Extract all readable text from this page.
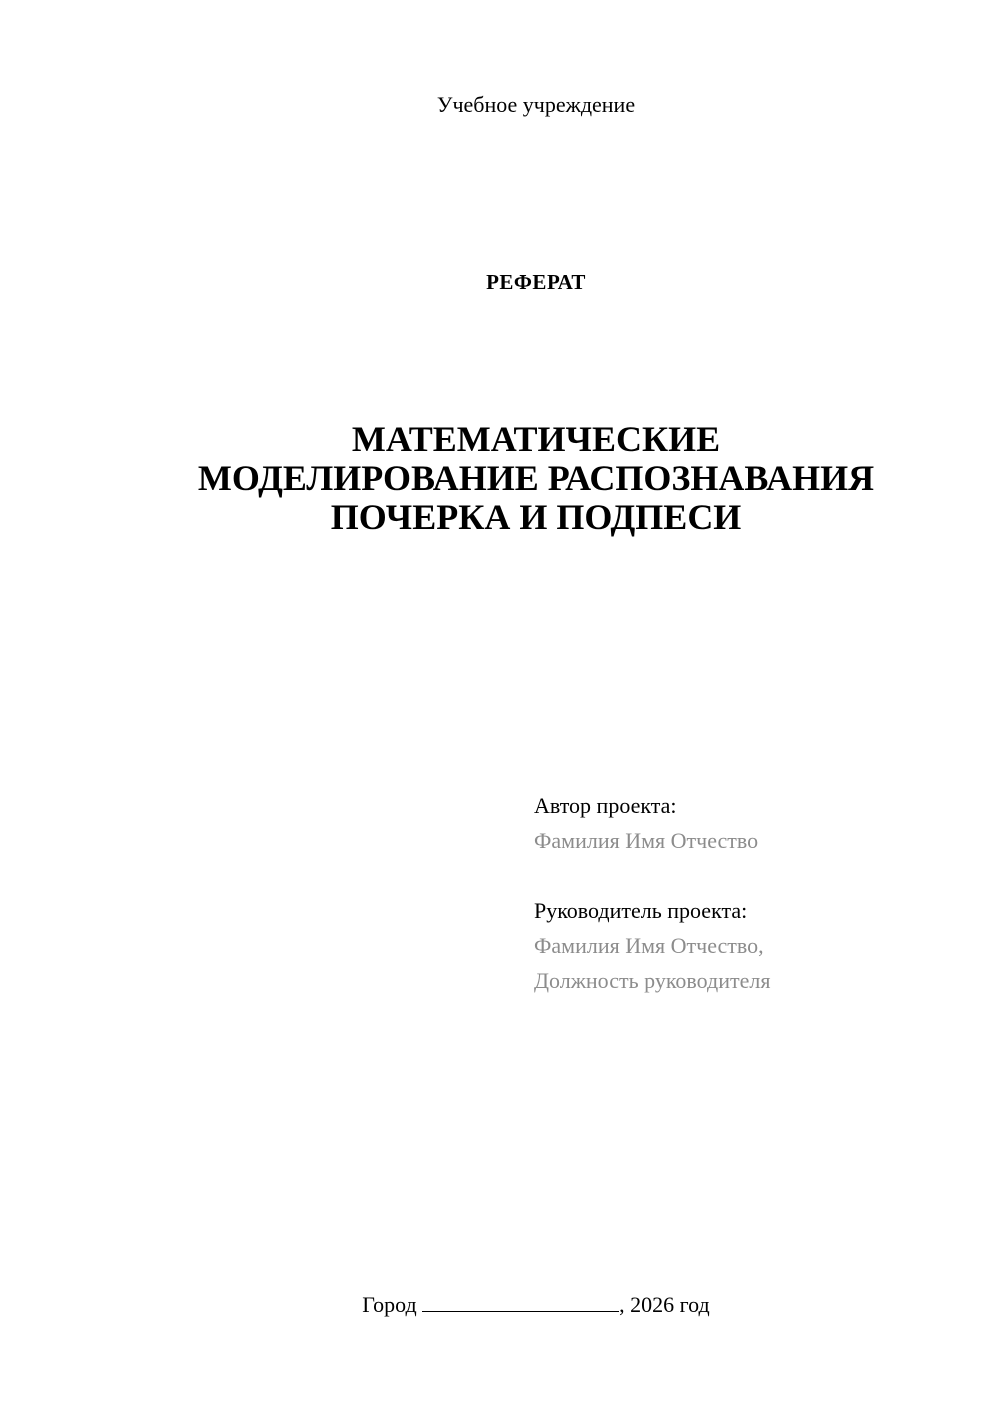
Учебное учреждение
РЕФЕРАТ
МАТЕМАТИЧЕСКИЕ
МОДЕЛИРОВАНИЕ РАСПОЗНАВАНИЯ
ПОЧЕРКА И ПОДПЕСИ
Автор проекта:
Фамилия Имя Отчество
Руководитель проекта:
Фамилия Имя Отчество,
Должность руководителя
Город	, 2026 год
